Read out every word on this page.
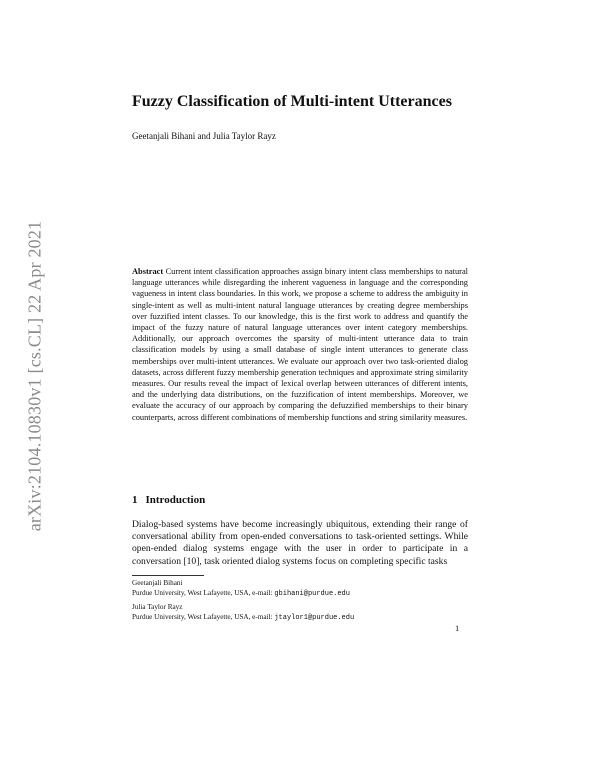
arXiv:2104.10830v1 [cs.CL] 22 Apr 2021
Fuzzy Classification of Multi-intent Utterances
Geetanjali Bihani and Julia Taylor Rayz
Abstract Current intent classification approaches assign binary intent class memberships to natural language utterances while disregarding the inherent vagueness in language and the corresponding vagueness in intent class boundaries. In this work, we propose a scheme to address the ambiguity in single-intent as well as multi-intent natural language utterances by creating degree memberships over fuzzified intent classes. To our knowledge, this is the first work to address and quantify the impact of the fuzzy nature of natural language utterances over intent category memberships. Additionally, our approach overcomes the sparsity of multi-intent utterance data to train classification models by using a small database of single intent utterances to generate class memberships over multi-intent utterances. We evaluate our approach over two task-oriented dialog datasets, across different fuzzy membership generation techniques and approximate string similarity measures. Our results reveal the impact of lexical overlap between utterances of different intents, and the underlying data distributions, on the fuzzification of intent memberships. Moreover, we evaluate the accuracy of our approach by comparing the defuzzified memberships to their binary counterparts, across different combinations of membership functions and string similarity measures.
1 Introduction
Dialog-based systems have become increasingly ubiquitous, extending their range of conversational ability from open-ended conversations to task-oriented settings. While open-ended dialog systems engage with the user in order to participate in a conversation [10], task oriented dialog systems focus on completing specific tasks
Geetanjali Bihani
Purdue University, West Lafayette, USA, e-mail: gbihani@purdue.edu
Julia Taylor Rayz
Purdue University, West Lafayette, USA, e-mail: jtaylor1@purdue.edu
1
